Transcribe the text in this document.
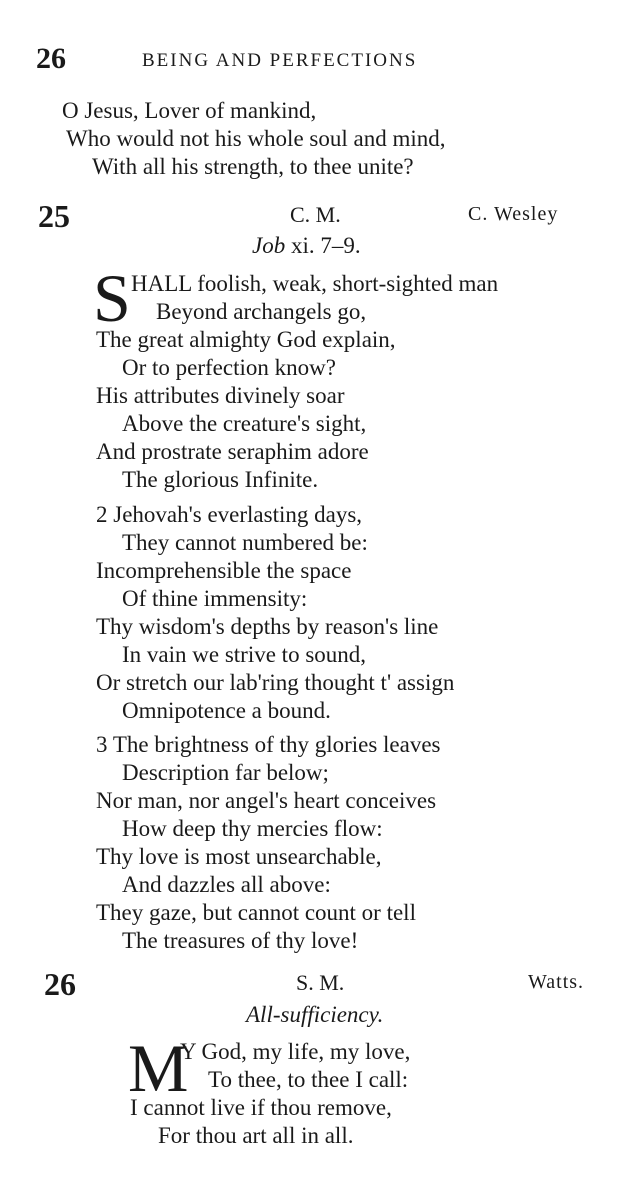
26	BEING AND PERFECTIONS
O Jesus, Lover of mankind,
Who would not his whole soul and mind,
With all his strength, to thee unite?
25	C. M.	C. Wesley
Job xi. 7–9.
S HALL foolish, weak, short-sighted man
Beyond archangels go,
The great almighty God explain,
Or to perfection know?
His attributes divinely soar
Above the creature's sight,
And prostrate seraphim adore
The glorious Infinite.
2 Jehovah's everlasting days,
They cannot numbered be:
Incomprehensible the space
Of thine immensity:
Thy wisdom's depths by reason's line
In vain we strive to sound,
Or stretch our lab'ring thought t' assign
Omnipotence a bound.
3 The brightness of thy glories leaves
Description far below;
Nor man, nor angel's heart conceives
How deep thy mercies flow:
Thy love is most unsearchable,
And dazzles all above:
They gaze, but cannot count or tell
The treasures of thy love!
26	S. M.	Watts.
All-sufficiency.
M
Y God, my life, my love,
To thee, to thee I call:
I cannot live if thou remove,
For thou art all in all.
